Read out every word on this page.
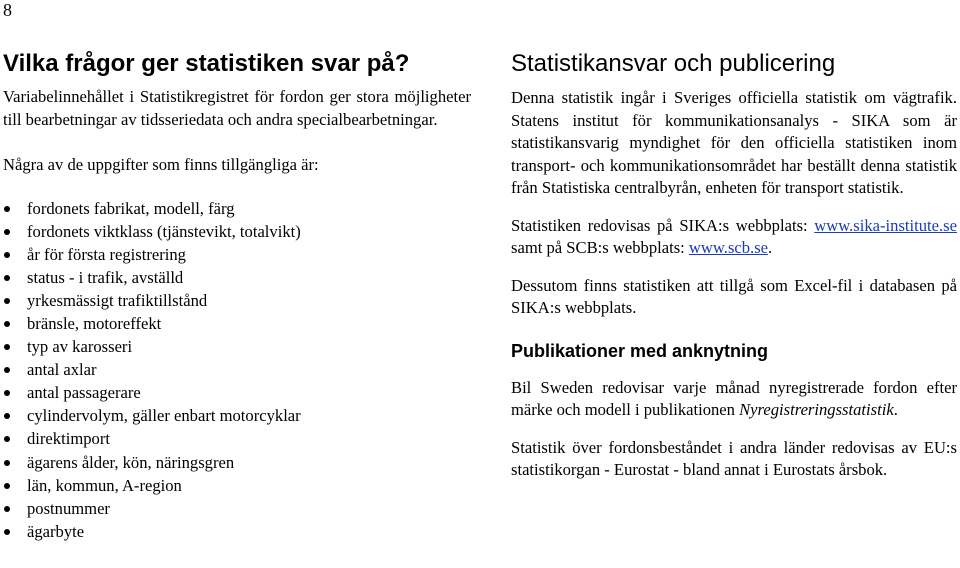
8
Vilka frågor ger statistiken svar på?

Variabelinnehållet i Statistikregistret för fordon ger stora möjligheter till bearbetningar av tidsseriedata och andra specialbearbetningar.

Några av de uppgifter som finns tillgängliga är:

fordonets fabrikat, modell, färg
fordonets viktklass (tjänstevikt, totalvikt)
år för första registrering
status - i trafik, avställd
yrkesmässigt trafiktillstånd
bränsle, motoreffekt
typ av karosseri
antal axlar
antal passagerare
cylindervolym, gäller enbart motorcyklar
direktimport
ägarens ålder, kön, näringsgren
län, kommun, A-region
postnummer
ägarbyte
Statistikansvar och publicering

Denna statistik ingår i Sveriges officiella statistik om vägtrafik. Statens institut för kommunikationsanalys - SIKA som är statistikansvarig myndighet för den officiella statistiken inom transport- och kommunikationsområdet har beställt denna statistik från Statistiska centralbyrån, enheten för transport statistik.

Statistiken redovisas på SIKA:s webbplats: www.sika-institute.se samt på SCB:s webbplats: www.scb.se.

Dessutom finns statistiken att tillgå som Excel-fil i databasen på SIKA:s webbplats.

Publikationer med anknytning

Bil Sweden redovisar varje månad nyregistrerade fordon efter märke och modell i publikationen Nyregistreringsstatistik.

Statistik över fordonsbeståndet i andra länder redovisas av EU:s statistikorgan - Eurostat - bland annat i Eurostats årsbok.
